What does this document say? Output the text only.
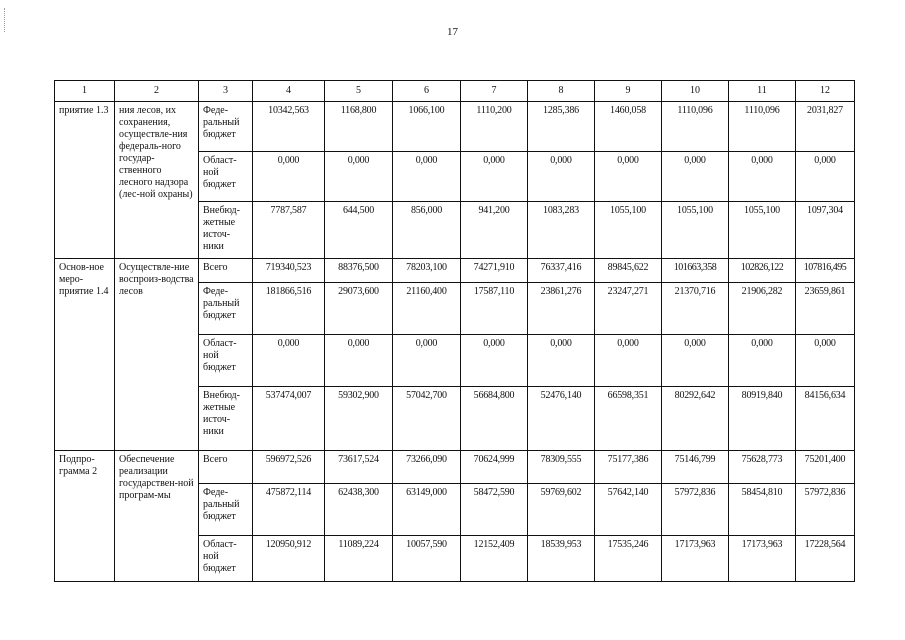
17
1	2	3	4	5	6	7	8	9	10	11	12
приятие 1.3	ния лесов, их сохранения, осуществле-ния федераль-ного государ-ственного лесного надзора (лес-ной охраны)	Феде-ральный бюджет	10342,563	1168,800	1066,100	1110,200	1285,386	1460,058	1110,096	1110,096	2031,827
		Област-ной бюджет	0,000	0,000	0,000	0,000	0,000	0,000	0,000	0,000	0,000
		Внебюд-жетные источ-ники	7787,587	644,500	856,000	941,200	1083,283	1055,100	1055,100	1055,100	1097,304
Основ-ное меро-приятие 1.4	Осуществле-ние воспроиз-водства лесов	Всего	719340,523	88376,500	78203,100	74271,910	76337,416	89845,622	101663,358	102826,122	107816,495
		Феде-ральный бюджет	181866,516	29073,600	21160,400	17587,110	23861,276	23247,271	21370,716	21906,282	23659,861
		Област-ной бюджет	0,000	0,000	0,000	0,000	0,000	0,000	0,000	0,000	0,000
		Внебюд-жетные источ-ники	537474,007	59302,900	57042,700	56684,800	52476,140	66598,351	80292,642	80919,840	84156,634
Подпро-грамма 2	Обеспечение реализации государствен-ной програм-мы	Всего	596972,526	73617,524	73266,090	70624,999	78309,555	75177,386	75146,799	75628,773	75201,400
		Феде-ральный бюджет	475872,114	62438,300	63149,000	58472,590	59769,602	57642,140	57972,836	58454,810	57972,836
		Област-ной бюджет	120950,912	11089,224	10057,590	12152,409	18539,953	17535,246	17173,963	17173,963	17228,564
